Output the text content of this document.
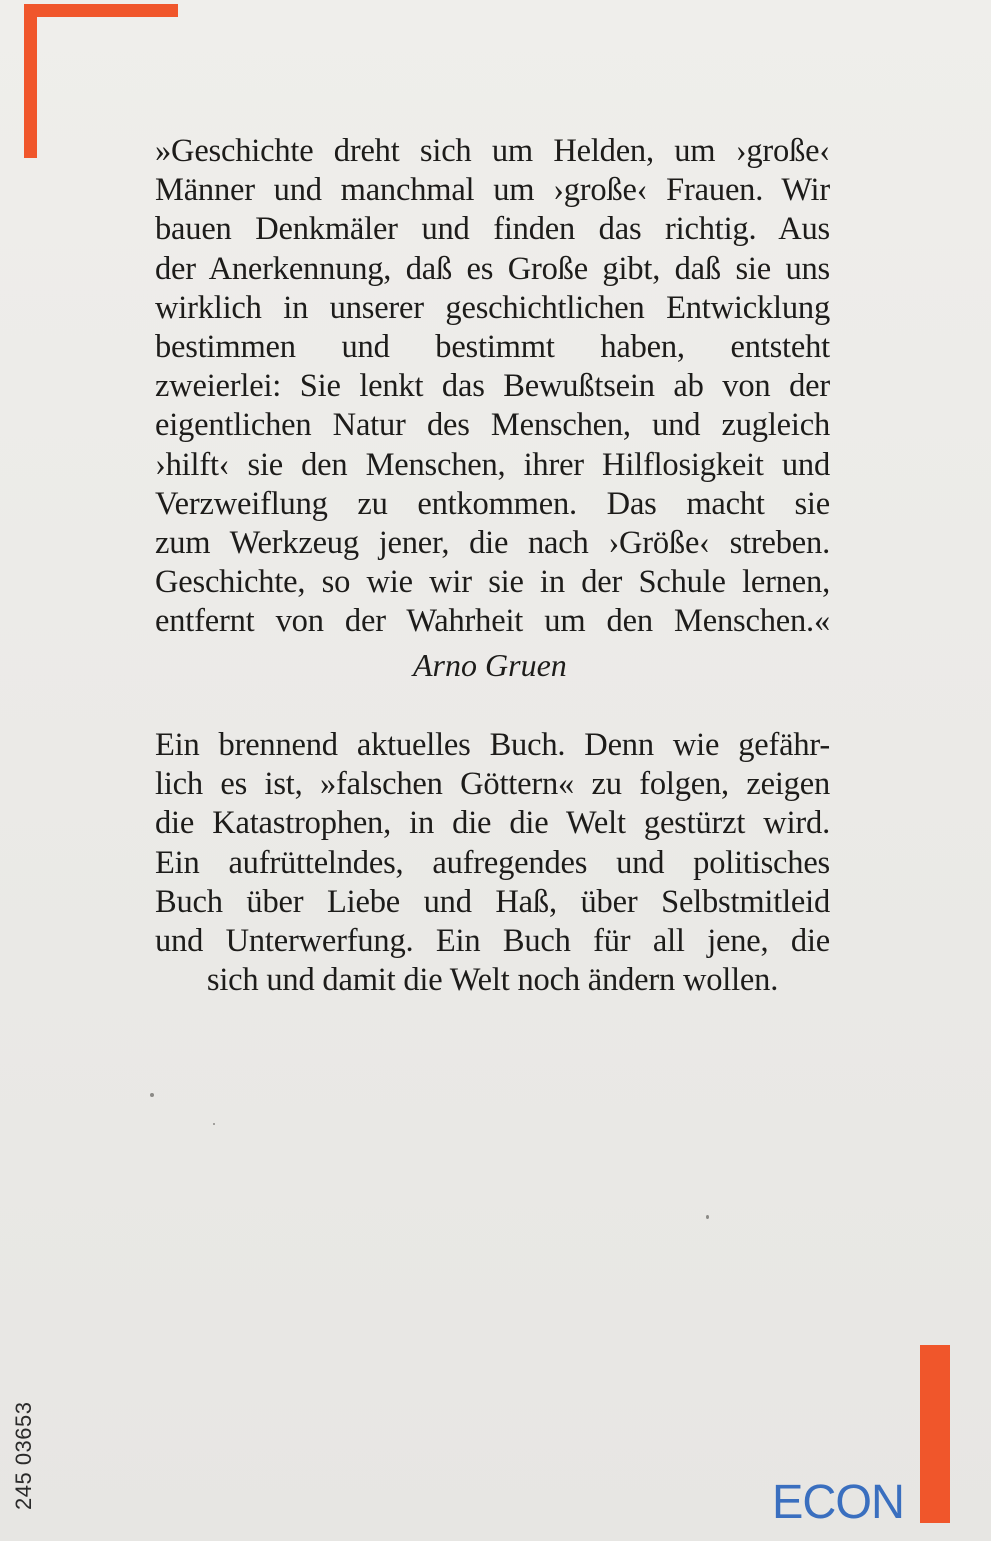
»Geschichte dreht sich um Helden, um ›große‹
Männer und manchmal um ›große‹ Frauen. Wir
bauen Denkmäler und finden das richtig. Aus
der Anerkennung, daß es Große gibt, daß sie uns
wirklich in unserer geschichtlichen Entwicklung
bestimmen und bestimmt haben, entsteht
zweierlei: Sie lenkt das Bewußtsein ab von der
eigentlichen Natur des Menschen, und zugleich
›hilft‹ sie den Menschen, ihrer Hilflosigkeit und
Verzweiflung zu entkommen. Das macht sie
zum Werkzeug jener, die nach ›Größe‹ streben.
Geschichte, so wie wir sie in der Schule lernen,
entfernt von der Wahrheit um den Menschen.«
Arno Gruen
Ein brennend aktuelles Buch. Denn wie gefähr-
lich es ist, »falschen Göttern« zu folgen, zeigen
die Katastrophen, in die die Welt gestürzt wird.
Ein aufrüttelndes, aufregendes und politisches
Buch über Liebe und Haß, über Selbstmitleid
und Unterwerfung. Ein Buch für all jene, die
sich und damit die Welt noch ändern wollen.
245 03653	ECON
